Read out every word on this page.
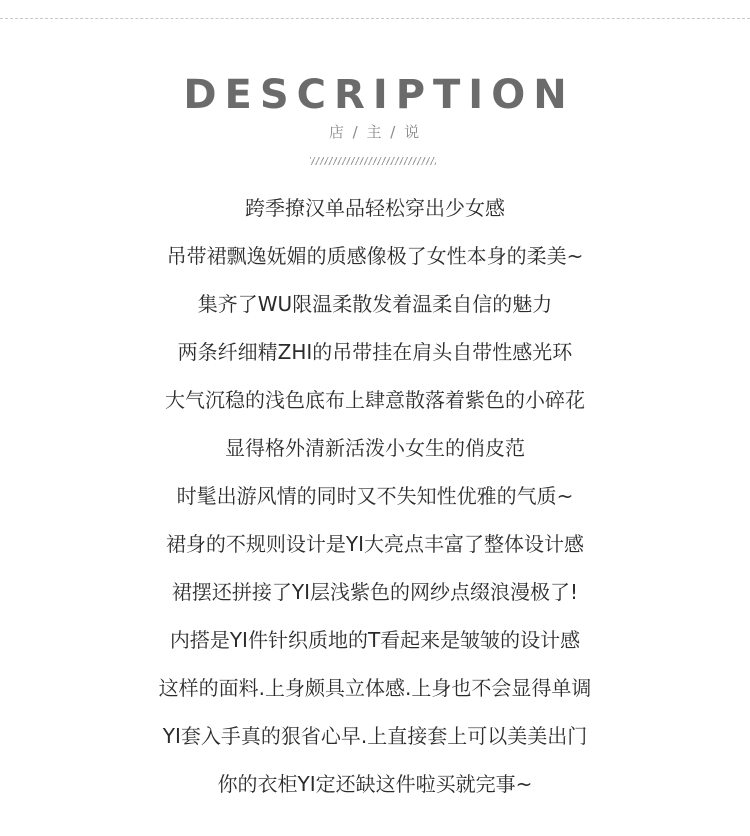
DESCRIPTION
店 / 主 / 说
跨季撩汉单品轻松穿出少女感
吊带裙飘逸妩媚的质感像极了女性本身的柔美~
集齐了WU限温柔散发着温柔自信的魅力
两条纤细精ZHI的吊带挂在肩头自带性感光环
大气沉稳的浅色底布上肆意散落着紫色的小碎花
显得格外清新活泼小女生的俏皮范
时髦出游风情的同时又不失知性优雅的气质~
裙身的不规则设计是YI大亮点丰富了整体设计感
裙摆还拼接了YI层浅紫色的网纱点缀浪漫极了!
内搭是YI件针织质地的T看起来是皱皱的设计感
这样的面料.上身颇具立体感.上身也不会显得单调
YI套入手真的狠省心早.上直接套上可以美美出门
你的衣柜YI定还缺这件啦买就完事~
